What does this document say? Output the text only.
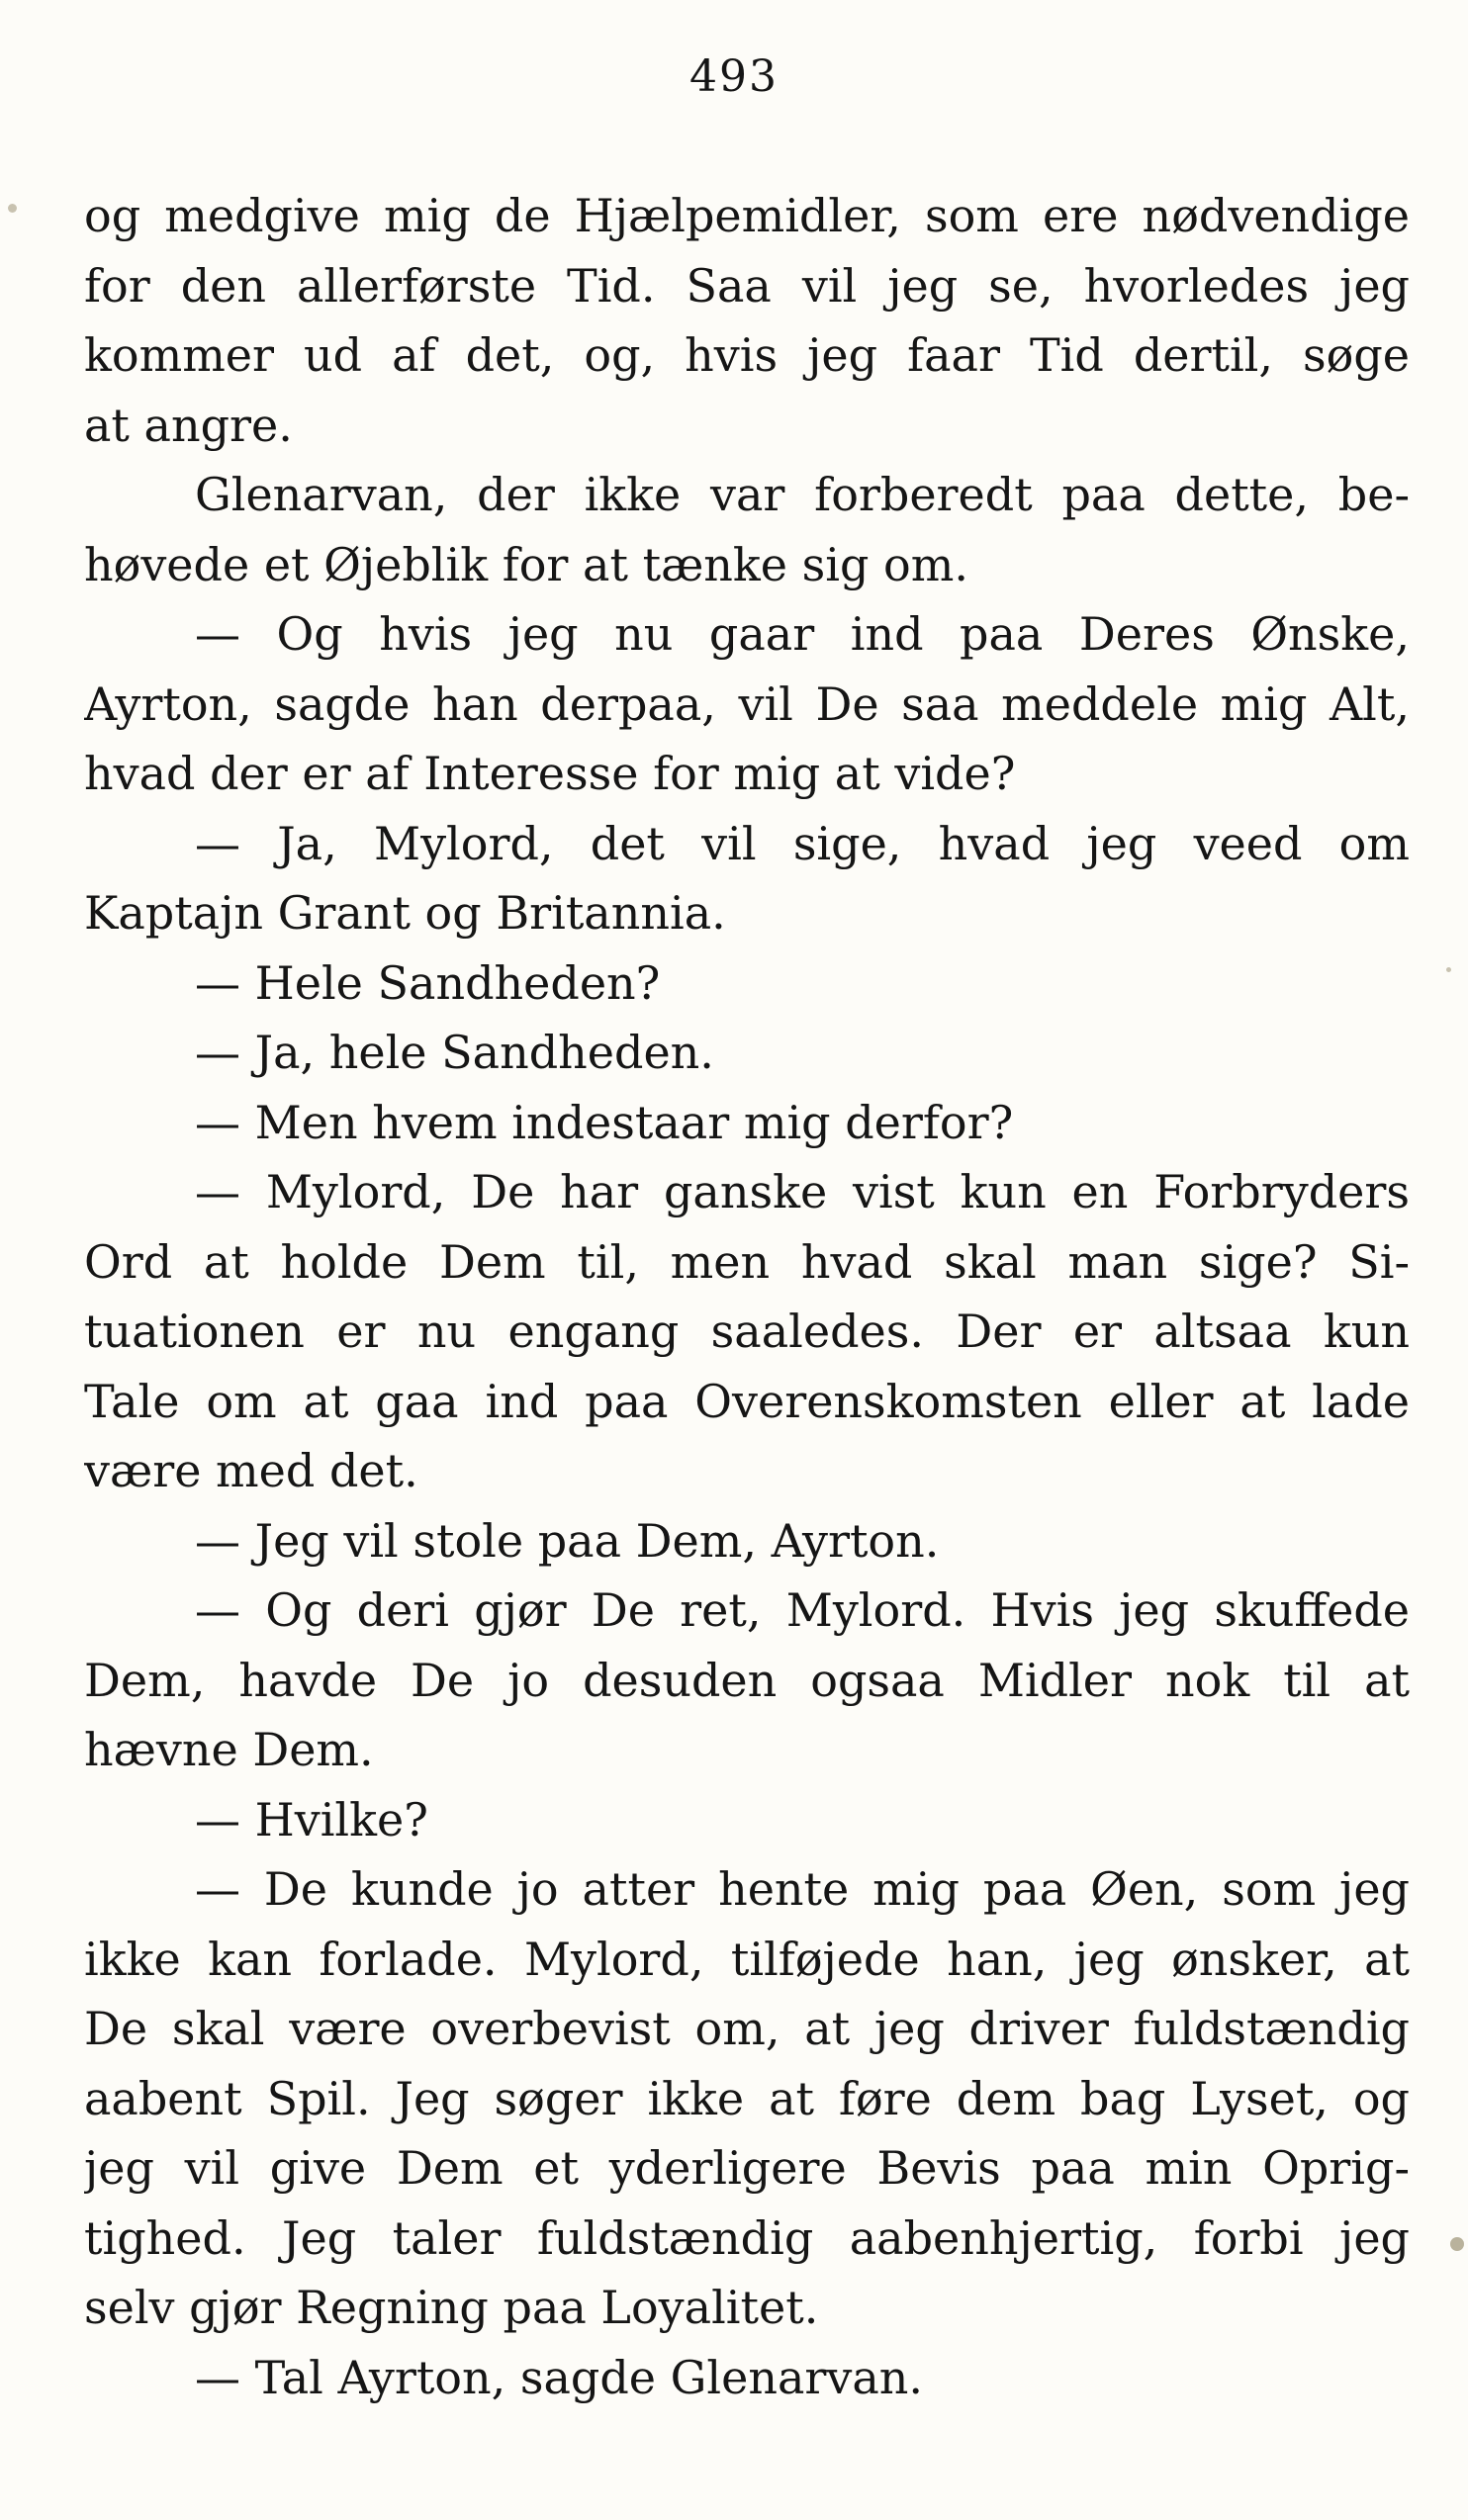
493
og medgive mig de Hjælpemidler, som ere nødvendige
for den allerførste Tid. Saa vil jeg se, hvorledes jeg
kommer ud af det, og, hvis jeg faar Tid dertil, søge
at angre.
Glenarvan, der ikke var forberedt paa dette, be-
høvede et Øjeblik for at tænke sig om.
— Og hvis jeg nu gaar ind paa Deres Ønske,
Ayrton, sagde han derpaa, vil De saa meddele mig Alt,
hvad der er af Interesse for mig at vide?
— Ja, Mylord, det vil sige, hvad jeg veed om
Kaptajn Grant og Britannia.
— Hele Sandheden?
— Ja, hele Sandheden.
— Men hvem indestaar mig derfor?
— Mylord, De har ganske vist kun en Forbryders
Ord at holde Dem til, men hvad skal man sige? Si-
tuationen er nu engang saaledes. Der er altsaa kun
Tale om at gaa ind paa Overenskomsten eller at lade
være med det.
— Jeg vil stole paa Dem, Ayrton.
— Og deri gjør De ret, Mylord. Hvis jeg skuffede
Dem, havde De jo desuden ogsaa Midler nok til at
hævne Dem.
— Hvilke?
— De kunde jo atter hente mig paa Øen, som jeg
ikke kan forlade. Mylord, tilføjede han, jeg ønsker, at
De skal være overbevist om, at jeg driver fuldstændig
aabent Spil. Jeg søger ikke at føre dem bag Lyset, og
jeg vil give Dem et yderligere Bevis paa min Oprig-
tighed. Jeg taler fuldstændig aabenhjertig, forbi jeg
selv gjør Regning paa Loyalitet.
— Tal Ayrton, sagde Glenarvan.
